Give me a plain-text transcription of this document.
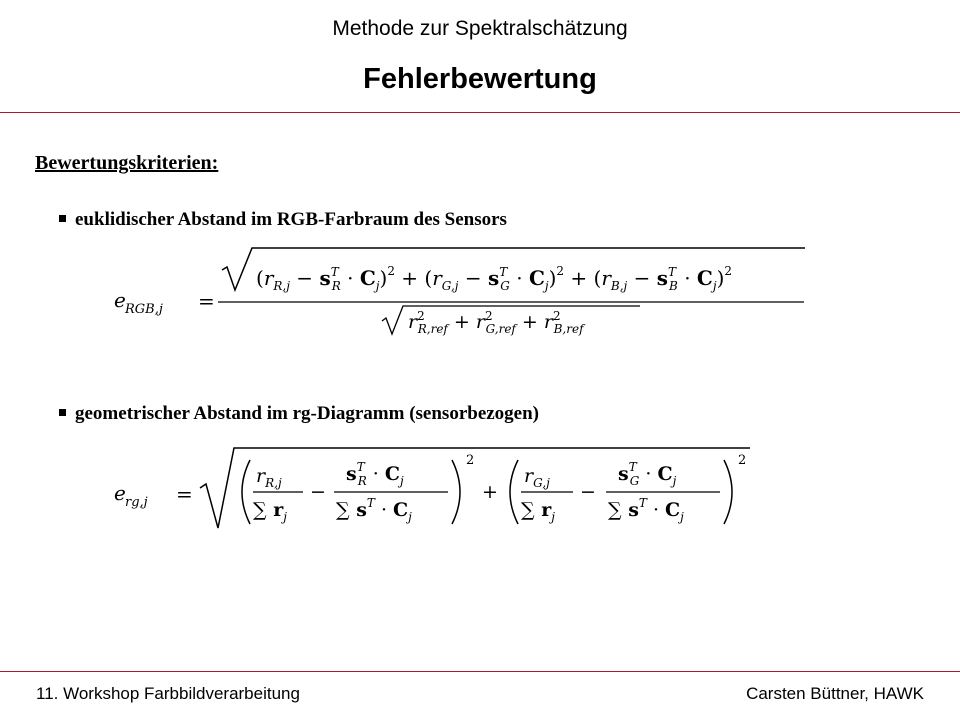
Methode zur Spektralschätzung
Fehlerbewertung
Bewertungskriterien:
euklidischer Abstand im RGB-Farbraum des Sensors
e RGB,j =
($r_{R,j} - s^T$ $R \cdot C_j)^2 + (r_{G,j} - s^T$ $G \cdot C_j)^2 + (r_{B,j} - s^T$ $B \cdot C_j)^2$
$r^2$ $R,ref + r^2$ $G,ref + r^2$ B,ref
geometrischer Abstand im rg-Diagramm (sensorbezogen)
e rg,j =
$r_{R,j}$
∑ $r_j$
−
$s^T$ $R \cdot C_j$
∑ $s^T \cdot C_j$
2
+
$r_{G,j}$
∑ $r_j$
−
$s^T$ $G \cdot C_j$
∑ $s^T \cdot C_j$
2
11. Workshop Farbbildverarbeitung	Carsten Büttner, HAWK
